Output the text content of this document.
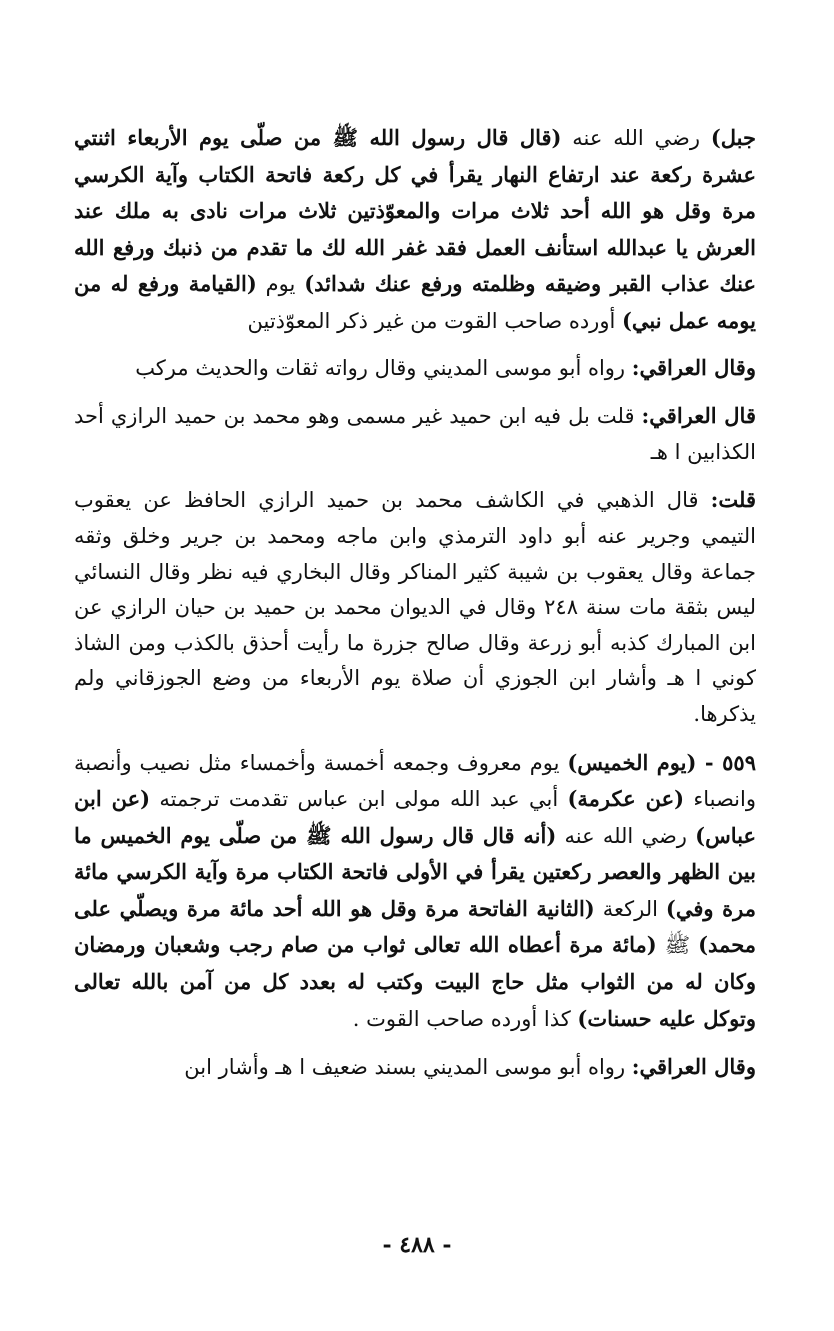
جبل) رضي الله عنه (قال قال رسول الله ﷺ من صلّى يوم الأربعاء اثنتي عشرة ركعة عند ارتفاع النهار يقرأ في كل ركعة فاتحة الكتاب وآية الكرسي مرة وقل هو الله أحد ثلاث مرات والمعوّذتين ثلاث مرات نادى به ملك عند العرش يا عبدالله استأنف العمل فقد غفر الله لك ما تقدم من ذنبك ورفع الله عنك عذاب القبر وضيقه وظلمته ورفع عنك شدائد) يوم (القيامة ورفع له من يومه عمل نبي) أورده صاحب القوت من غير ذكر المعوّذتين

وقال العراقي: رواه أبو موسى المديني وقال رواته ثقات والحديث مركب

قال العراقي: قلت بل فيه ابن حميد غير مسمى وهو محمد بن حميد الرازي أحد الكذابين ا هـ

قلت: قال الذهبي في الكاشف محمد بن حميد الرازي الحافظ عن يعقوب التيمي وجرير عنه أبو داود الترمذي وابن ماجه ومحمد بن جرير وخلق وثقه جماعة وقال يعقوب بن شيبة كثير المناكر وقال البخاري فيه نظر وقال النسائي ليس بثقة مات سنة ٢٤٨ وقال في الديوان محمد بن حميد بن حيان الرازي عن ابن المبارك كذبه أبو زرعة وقال صالح جزرة ما رأيت أحذق بالكذب ومن الشاذ كوني ا هـ وأشار ابن الجوزي أن صلاة يوم الأربعاء من وضع الجوزقاني ولم يذكرها.

٥٥٩ - (يوم الخميس) يوم معروف وجمعه أخمسة وأخمساء مثل نصيب وأنصبة وانصباء (عن عكرمة) أبي عبد الله مولى ابن عباس تقدمت ترجمته (عن ابن عباس) رضي الله عنه (أنه قال قال رسول الله ﷺ من صلّى يوم الخميس ما بين الظهر والعصر ركعتين يقرأ في الأولى فاتحة الكتاب مرة وآية الكرسي مائة مرة وفي) الركعة (الثانية الفاتحة مرة وقل هو الله أحد مائة مرة ويصلّي على محمد) ﷺ (مائة مرة أعطاه الله تعالى ثواب من صام رجب وشعبان ورمضان وكان له من الثواب مثل حاج البيت وكتب له بعدد كل من آمن بالله تعالى وتوكل عليه حسنات) كذا أورده صاحب القوت .

وقال العراقي: رواه أبو موسى المديني بسند ضعيف ا هـ وأشار ابن

- ٤٨٨ -
